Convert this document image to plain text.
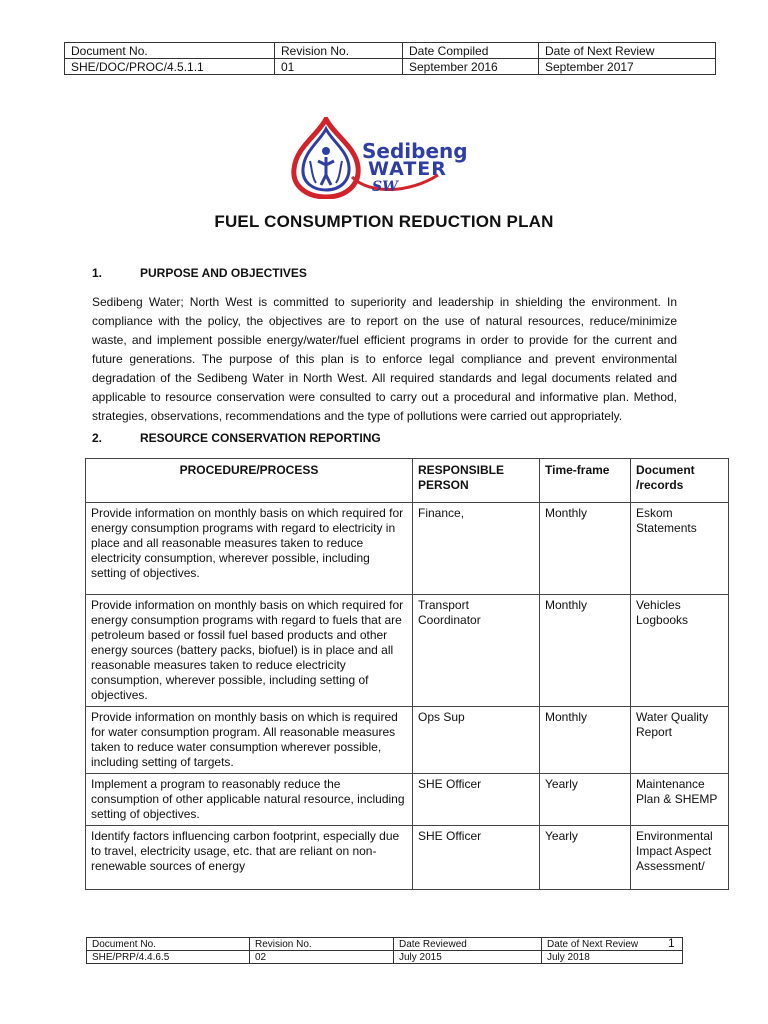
Document No.	Revision No.	Date Compiled	Date of Next Review
SHE/DOC/PROC/4.5.1.1	01	September 2016	September 2017
Sedibeng
WATER
SW
FUEL CONSUMPTION REDUCTION PLAN
1.	PURPOSE AND OBJECTIVES
Sedibeng Water; North West is committed to superiority and leadership in shielding the environment. In compliance with the policy, the objectives are to report on the use of natural resources, reduce/minimize waste, and implement possible energy/water/fuel efficient programs in order to provide for the current and future generations. The purpose of this plan is to enforce legal compliance and prevent environmental degradation of the Sedibeng Water in North West. All required standards and legal documents related and applicable to resource conservation were consulted to carry out a procedural and informative plan. Method, strategies, observations, recommendations and the type of pollutions were carried out appropriately.
2.	RESOURCE CONSERVATION REPORTING
PROCEDURE/PROCESS	RESPONSIBLE PERSON	Time-frame	Document /records
Provide information on monthly basis on which required for energy consumption programs with regard to electricity in place and all reasonable measures taken to reduce electricity consumption, wherever possible, including setting of objectives.	Finance,	Monthly	Eskom Statements
Provide information on monthly basis on which required for energy consumption programs with regard to fuels that are petroleum based or fossil fuel based products and other energy sources (battery packs, biofuel) is in place and all reasonable measures taken to reduce electricity consumption, wherever possible, including setting of objectives.	Transport Coordinator	Monthly	Vehicles Logbooks
Provide information on monthly basis on which is required for water consumption program. All reasonable measures taken to reduce water consumption wherever possible, including setting of targets.	Ops Sup	Monthly	Water Quality Report
Implement a program to reasonably reduce the consumption of other applicable natural resource, including setting of objectives.	SHE Officer	Yearly	Maintenance Plan & SHEMP
Identify factors influencing carbon footprint, especially due to travel, electricity usage, etc. that are reliant on non-renewable sources of energy	SHE Officer	Yearly	Environmental Impact Aspect Assessment/
Document No.	Revision No.	Date Reviewed	Date of Next Review
SHE/PRP/4.4.6.5	02	July 2015	July 2018
1
